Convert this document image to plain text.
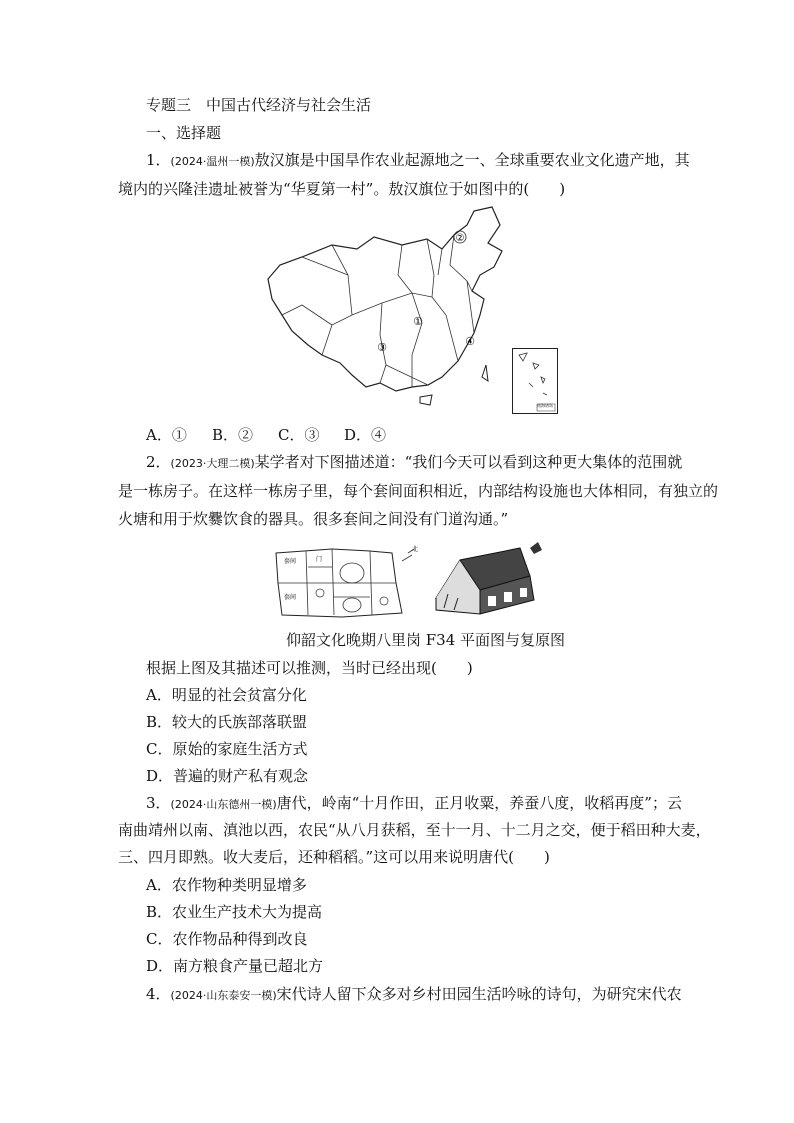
专题三　中国古代经济与社会生活
一、选择题
1．(2024·温州一模)敖汉旗是中国旱作农业起源地之一、全球重要农业文化遗产地，其
境内的兴隆洼遗址被誉为“华夏第一村”。敖汉旗位于如图中的(　　)
②
①
③	④
南海诸岛
A．① B．② C．③ D．④
2．(2023·大理二模)某学者对下图描述道：“我们今天可以看到这种更大集体的范围就
是一栋房子。在这样一栋房子里，每个套间面积相近，内部结构设施也大体相同，有独立的
火塘和用于炊爨饮食的器具。很多套间之间没有门道沟通。”
套间	门
套间
北
仰韶文化晚期八里岗 F34 平面图与复原图
根据上图及其描述可以推测，当时已经出现(　　)
A．明显的社会贫富分化
B．较大的氏族部落联盟
C．原始的家庭生活方式
D．普遍的财产私有观念
3．(2024·山东德州一模)唐代，岭南“十月作田，正月收粟，养蚕八度，收稻再度”；云
南曲靖州以南、滇池以西，农民“从八月获稻，至十一月、十二月之交，便于稻田种大麦，
三、四月即熟。收大麦后，还种稻稻。”这可以用来说明唐代(　　)
A．农作物种类明显增多
B．农业生产技术大为提高
C．农作物品种得到改良
D．南方粮食产量已超北方
4．(2024·山东泰安一模)宋代诗人留下众多对乡村田园生活吟咏的诗句，为研究宋代农
